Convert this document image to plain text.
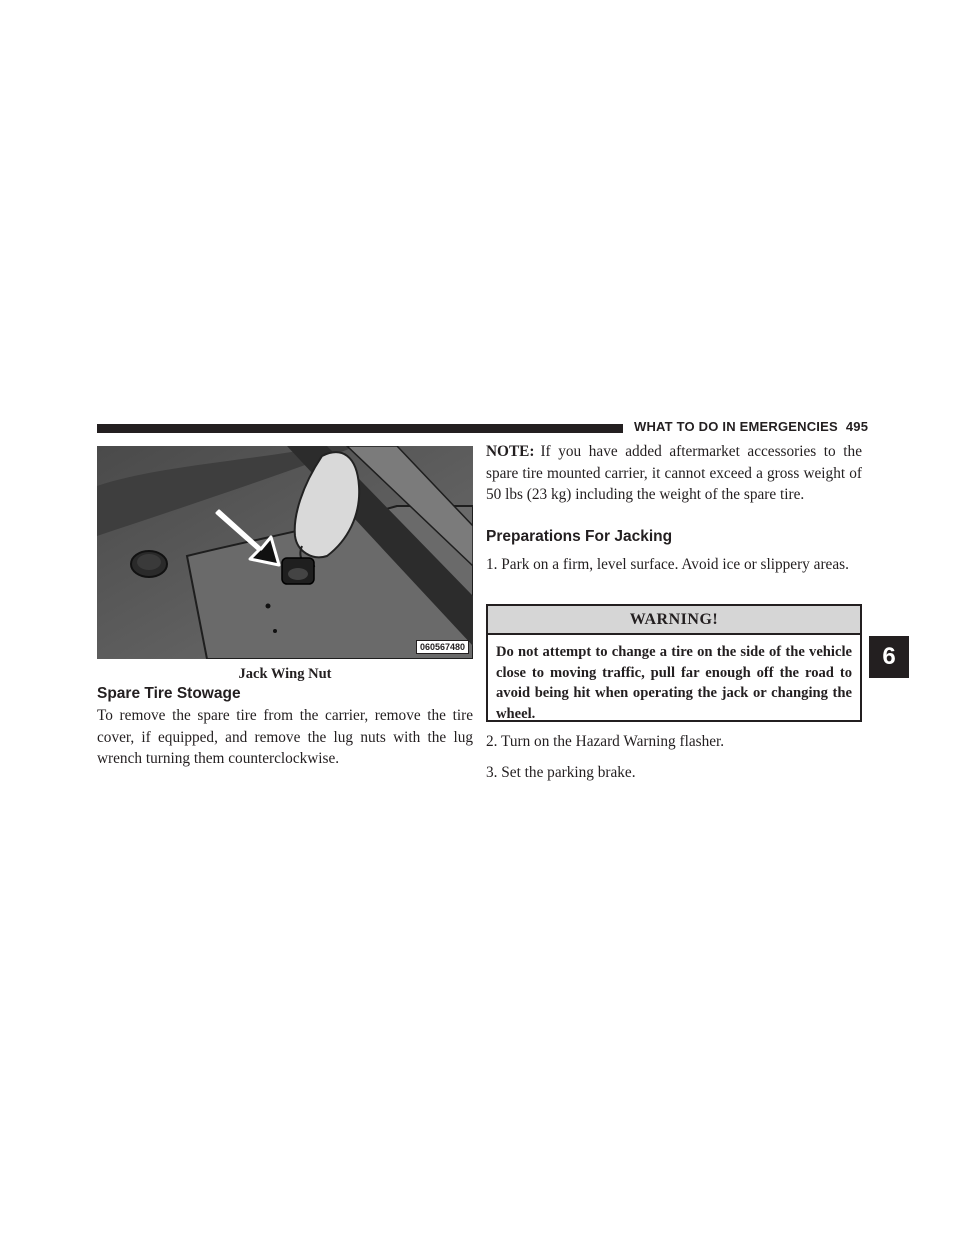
WHAT TO DO IN EMERGENCIES 495
060567480
Jack Wing Nut
Spare Tire Stowage
To remove the spare tire from the carrier, remove the tire cover, if equipped, and remove the lug nuts with the lug wrench turning them counterclockwise.
NOTE: If you have added aftermarket accessories to the spare tire mounted carrier, it cannot exceed a gross weight of 50 lbs (23 kg) including the weight of the spare tire.
Preparations For Jacking
1. Park on a firm, level surface. Avoid ice or slippery areas.
WARNING!
Do not attempt to change a tire on the side of the vehicle close to moving traffic, pull far enough off the road to avoid being hit when operating the jack or changing the wheel.
2. Turn on the Hazard Warning flasher.
3. Set the parking brake.
6
